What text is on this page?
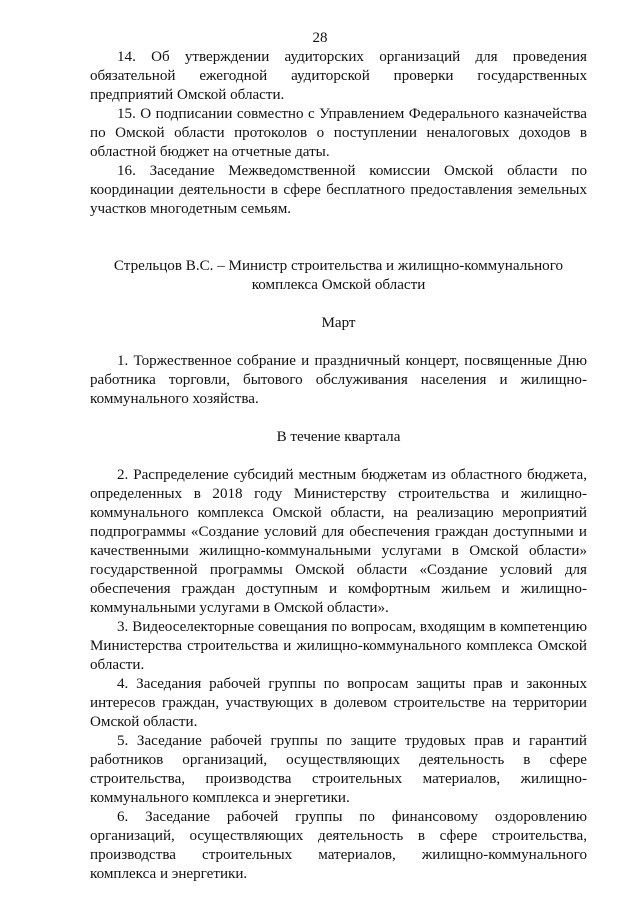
28

14. Об утверждении аудиторских организаций для проведения обязательной ежегодной аудиторской проверки государственных предприятий Омской области.

15. О подписании совместно с Управлением Федерального казначейства по Омской области протоколов о поступлении неналоговых доходов в областной бюджет на отчетные даты.

16. Заседание Межведомственной комиссии Омской области по координации деятельности в сфере бесплатного предоставления земельных участков многодетным семьям.

Стрельцов В.С. – Министр строительства и жилищно-коммунального

комплекса Омской области

Март

1. Торжественное собрание и праздничный концерт, посвященные Дню работника торговли, бытового обслуживания населения и жилищно-коммунального хозяйства.

В течение квартала

2. Распределение субсидий местным бюджетам из областного бюджета, определенных в 2018 году Министерству строительства и жилищно-коммунального комплекса Омской области, на реализацию мероприятий подпрограммы «Создание условий для обеспечения граждан доступными и качественными жилищно-коммунальными услугами в Омской области» государственной программы Омской области «Создание условий для обеспечения граждан доступным и комфортным жильем и жилищно-коммунальными услугами в Омской области».

3. Видеоселекторные совещания по вопросам, входящим в компетенцию Министерства строительства и жилищно-коммунального комплекса Омской области.

4. Заседания рабочей группы по вопросам защиты прав и законных интересов граждан, участвующих в долевом строительстве на территории Омской области.

5. Заседание рабочей группы по защите трудовых прав и гарантий работников организаций, осуществляющих деятельность в сфере строительства, производства строительных материалов, жилищно-коммунального комплекса и энергетики.

6. Заседание рабочей группы по финансовому оздоровлению организаций, осуществляющих деятельность в сфере строительства, производства строительных материалов, жилищно-коммунального комплекса и энергетики.
